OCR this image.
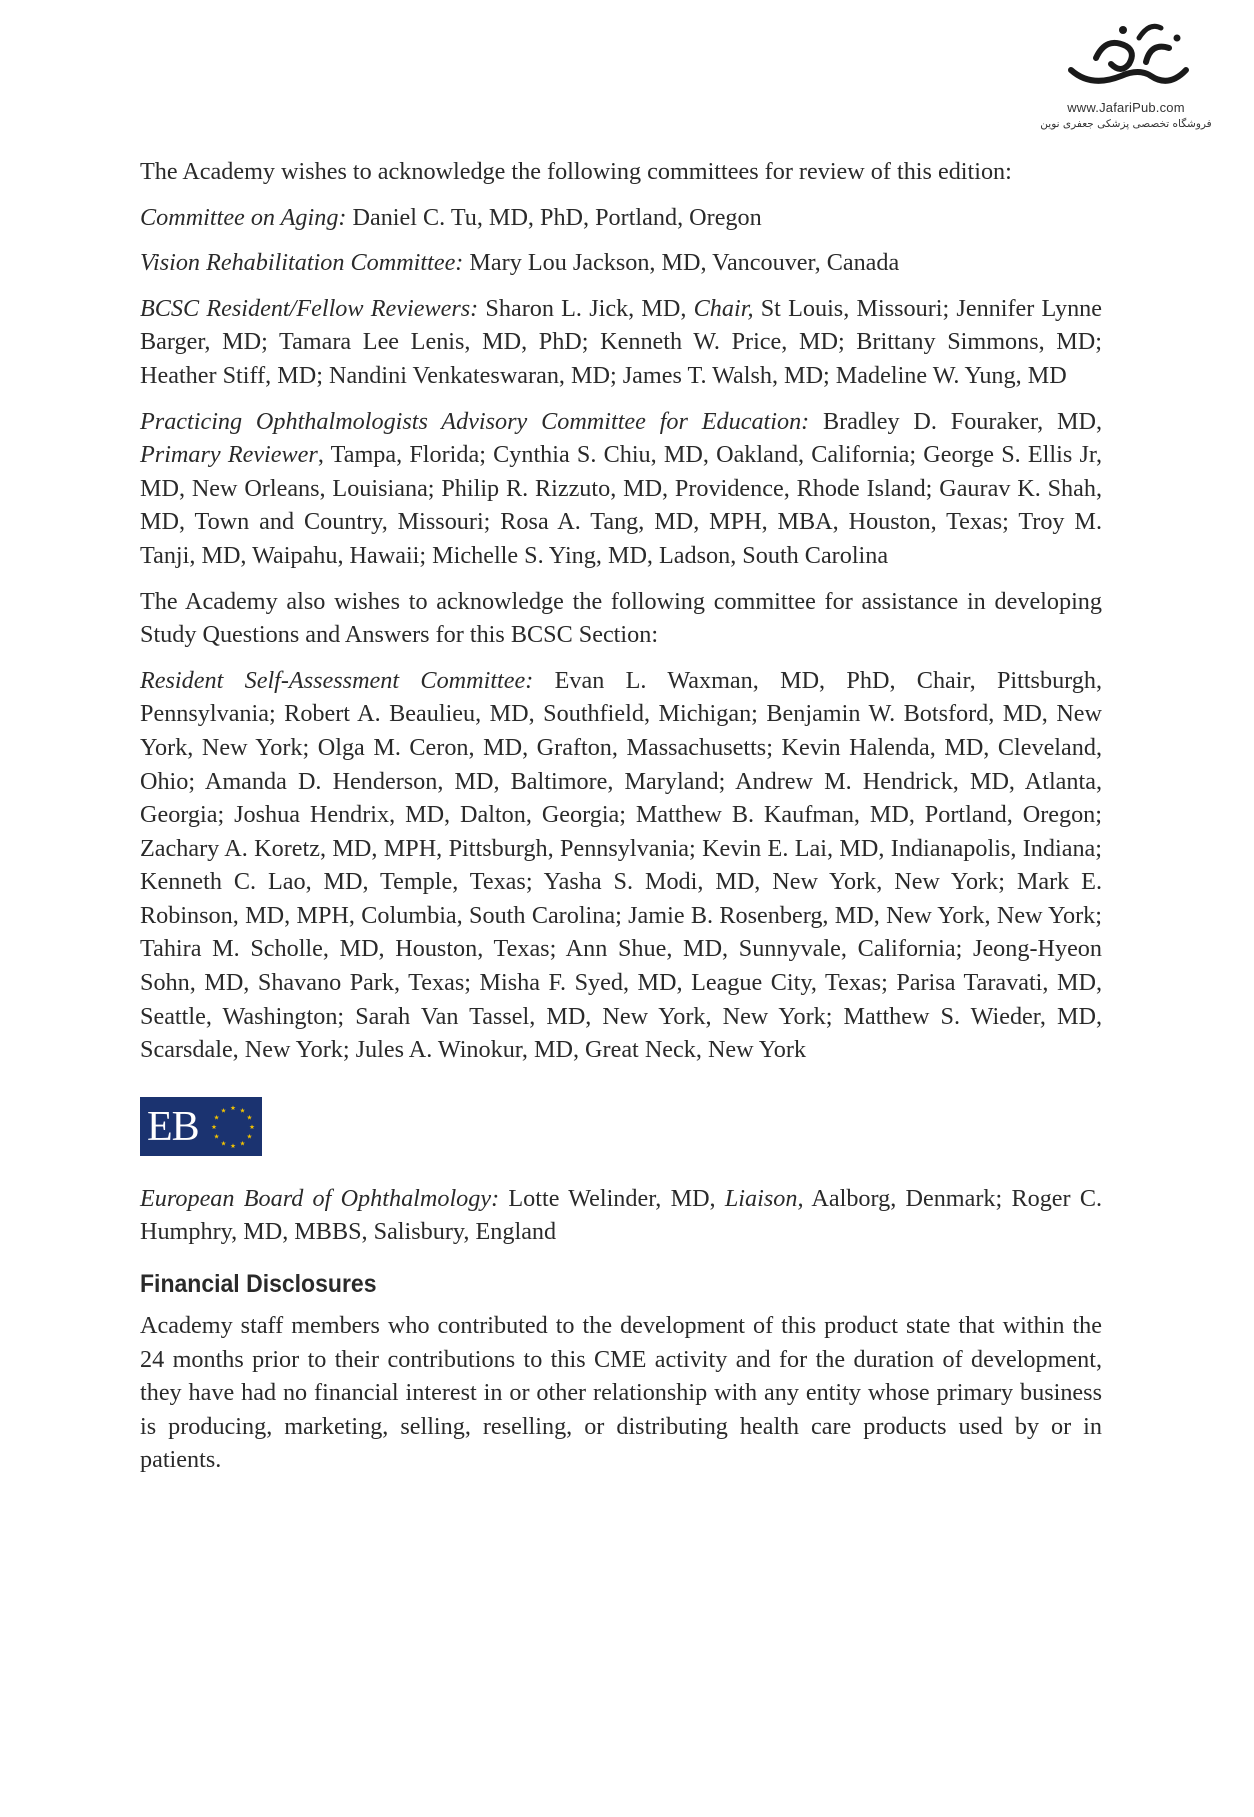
www.JafariPub.com
فروشگاه تخصصی پزشکی جعفری نوین

The Academy wishes to acknowledge the following committees for review of this edition:

Committee on Aging: Daniel C. Tu, MD, PhD, Portland, Oregon

Vision Rehabilitation Committee: Mary Lou Jackson, MD, Vancouver, Canada

BCSC Resident/Fellow Reviewers: Sharon L. Jick, MD, Chair, St Louis, Missouri; Jennifer Lynne Barger, MD; Tamara Lee Lenis, MD, PhD; Kenneth W. Price, MD; Brittany Simmons, MD; Heather Stiff, MD; Nandini Venkateswaran, MD; James T. Walsh, MD; Madeline W. Yung, MD

Practicing Ophthalmologists Advisory Committee for Education: Bradley D. Fouraker, MD, Primary Reviewer, Tampa, Florida; Cynthia S. Chiu, MD, Oakland, California; George S. Ellis Jr, MD, New Orleans, Louisiana; Philip R. Rizzuto, MD, Providence, Rhode Island; Gaurav K. Shah, MD, Town and Country, Missouri; Rosa A. Tang, MD, MPH, MBA, Houston, Texas; Troy M. Tanji, MD, Waipahu, Hawaii; Michelle S. Ying, MD, Ladson, South Carolina

The Academy also wishes to acknowledge the following committee for assistance in developing Study Questions and Answers for this BCSC Section:

Resident Self-Assessment Committee: Evan L. Waxman, MD, PhD, Chair, Pittsburgh, Pennsylvania; Robert A. Beaulieu, MD, Southfield, Michigan; Benjamin W. Botsford, MD, New York, New York; Olga M. Ceron, MD, Grafton, Massachusetts; Kevin Halenda, MD, Cleveland, Ohio; Amanda D. Henderson, MD, Baltimore, Maryland; Andrew M. Hendrick, MD, Atlanta, Georgia; Joshua Hendrix, MD, Dalton, Georgia; Matthew B. Kaufman, MD, Portland, Oregon; Zachary A. Koretz, MD, MPH, Pittsburgh, Pennsylvania; Kevin E. Lai, MD, Indianapolis, Indiana; Kenneth C. Lao, MD, Temple, Texas; Yasha S. Modi, MD, New York, New York; Mark E. Robinson, MD, MPH, Columbia, South Carolina; Jamie B. Rosenberg, MD, New York, New York; Tahira M. Scholle, MD, Houston, Texas; Ann Shue, MD, Sunnyvale, California; Jeong-Hyeon Sohn, MD, Shavano Park, Texas; Misha F. Syed, MD, League City, Texas; Parisa Taravati, MD, Seattle, Washington; Sarah Van Tassel, MD, New York, New York; Matthew S. Wieder, MD, Scarsdale, New York; Jules A. Winokur, MD, Great Neck, New York

EB

European Board of Ophthalmology: Lotte Welinder, MD, Liaison, Aalborg, Denmark; Roger C. Humphry, MD, MBBS, Salisbury, England

Financial Disclosures

Academy staff members who contributed to the development of this product state that within the 24 months prior to their contributions to this CME activity and for the duration of development, they have had no financial interest in or other relationship with any entity whose primary business is producing, marketing, selling, reselling, or distributing health care products used by or in patients.
